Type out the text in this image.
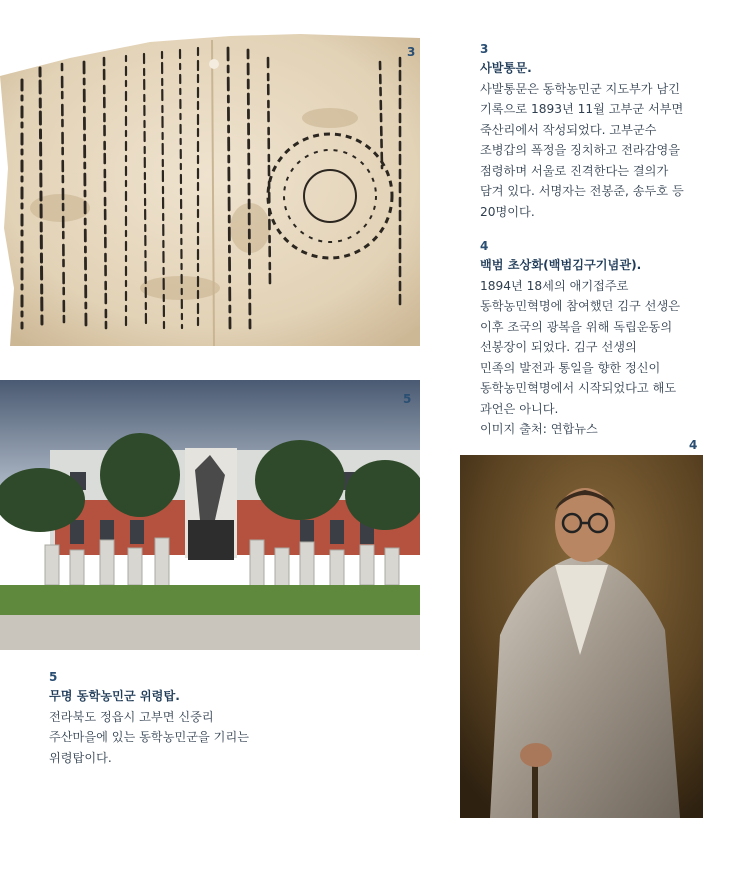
3	3
사발통문.
사발통문은 동학농민군 지도부가 남긴
기록으로 1893년 11월 고부군 서부면
죽산리에서 작성되었다. 고부군수
조병갑의 폭정을 징치하고 전라감영을
점령하며 서울로 진격한다는 결의가
담겨 있다. 서명자는 전봉준, 송두호 등
20명이다.
4
백범 초상화(백범김구기념관).
1894년 18세의 애기접주로
동학농민혁명에 참여했던 김구 선생은
이후 조국의 광복을 위해 독립운동의
선봉장이 되었다. 김구 선생의
민족의 발전과 통일을 향한 정신이
동학농민혁명에서 시작되었다고 해도
과언은 아니다.
이미지 출처: 연합뉴스
5
4
5
무명 동학농민군 위령탑.
전라북도 정읍시 고부면 신중리
주산마을에 있는 동학농민군을 기리는
위령탑이다.
